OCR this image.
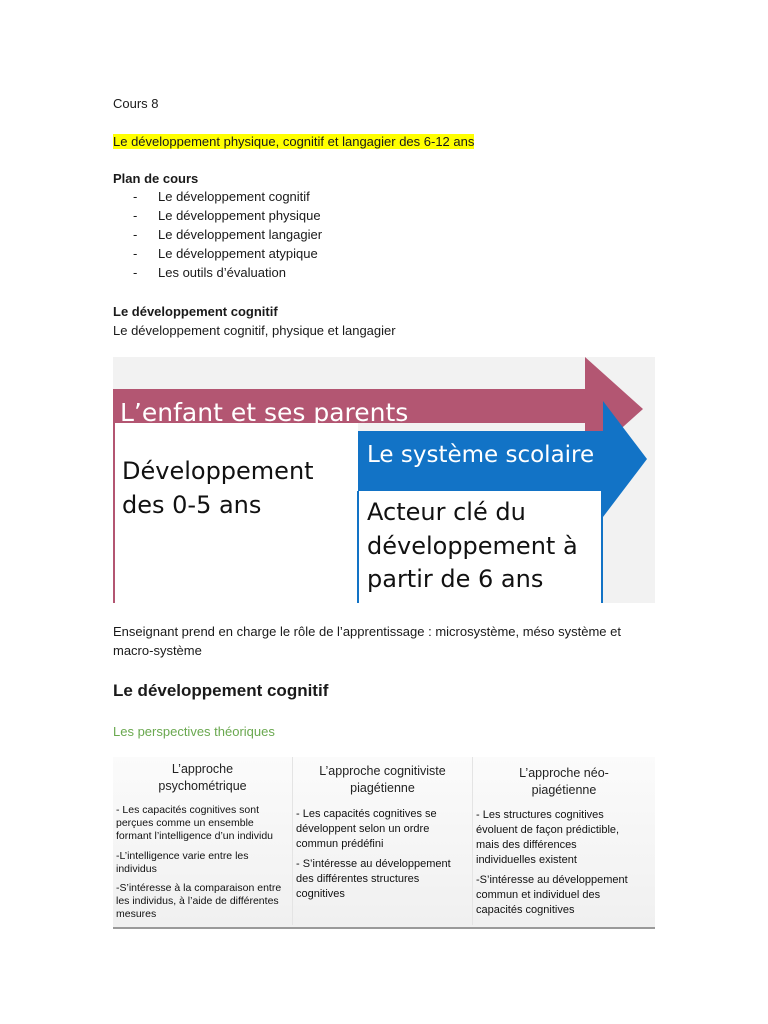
Cours 8
Le développement physique, cognitif et langagier des 6-12 ans
Plan de cours
- Le développement cognitif
- Le développement physique
- Le développement langagier
- Le développement atypique
- Les outils d’évaluation
Le développement cognitif
Le développement cognitif, physique et langagier
L’enfant et ses parents
Développement
des 0-5 ans
Le système scolaire
Acteur clé du
développement à
partir de 6 ans
Enseignant prend en charge le rôle de l’apprentissage : microsystème, méso système et
macro-système
Le développement cognitif
Les perspectives théoriques
L’approche
psychométrique
- Les capacités cognitives sont
perçues comme un ensemble
formant l’intelligence d’un individu
-L’intelligence varie entre les
individus
-S’intéresse à la comparaison entre
les individus, à l’aide de différentes
mesures
L’approche cognitiviste
piagétienne
- Les capacités cognitives se
développent selon un ordre
commun prédéfini
- S’intéresse au développement
des différentes structures
cognitives
L’approche néo-
piagétienne
- Les structures cognitives
évoluent de façon prédictible,
mais des différences
individuelles existent
-S’intéresse au développement
commun et individuel des
capacités cognitives
